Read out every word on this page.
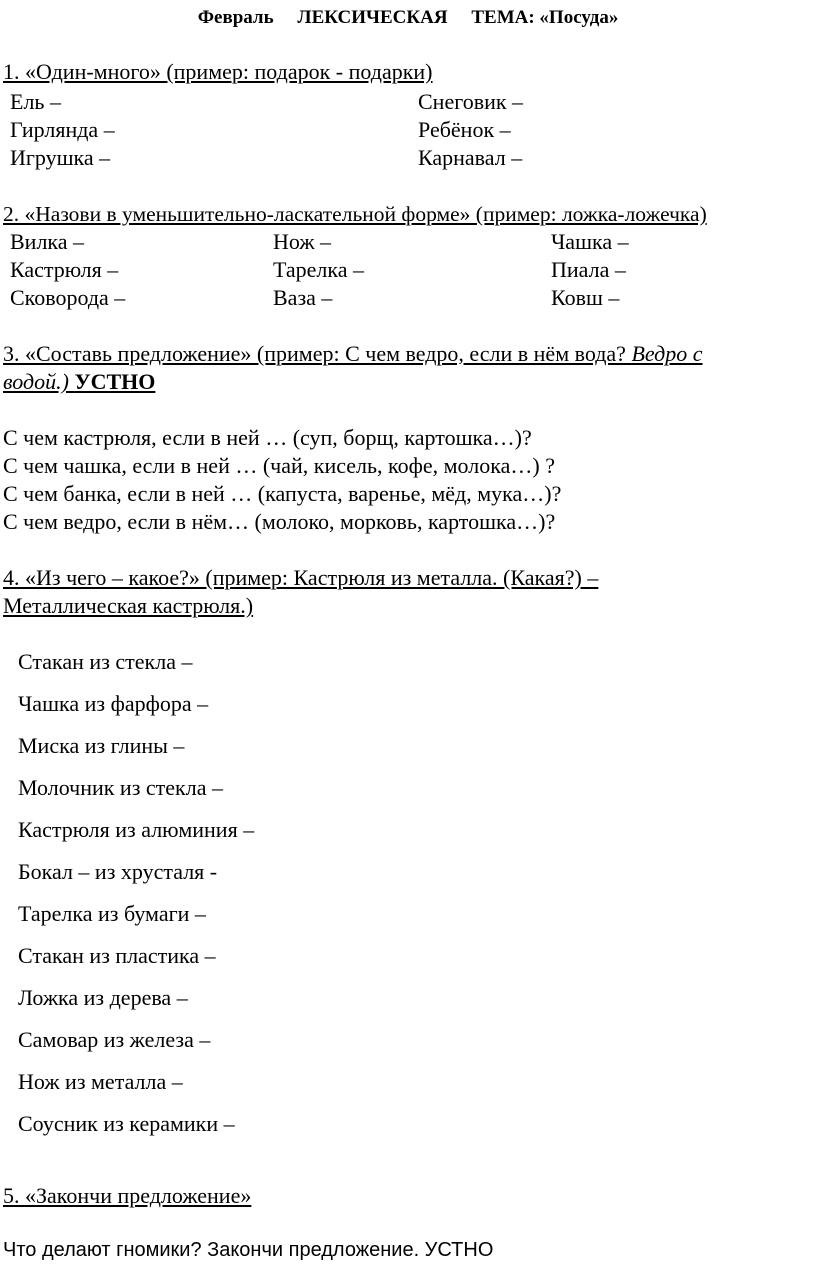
Февраль ЛЕКСИЧЕСКАЯ ТЕМА: «Посуда»
1. «Один-много» (пример: подарок - подарки)
Ель –
Гирлянда –
Игрушка –
Снеговик –
Ребёнок –
Карнавал –
2. «Назови в уменьшительно-ласкательной форме» (пример: ложка-ложечка)
Вилка –
Кастрюля –
Сковорода –
Нож –
Тарелка –
Ваза –
Чашка –
Пиала –
Ковш –
3. «Составь предложение» (пример: С чем ведро, если в нём вода? Ведро с
водой.) УСТНО
С чем кастрюля, если в ней … (суп, борщ, картошка…)?
С чем чашка, если в ней … (чай, кисель, кофе, молока…) ?
С чем банка, если в ней … (капуста, варенье, мёд, мука…)?
С чем ведро, если в нём… (молоко, морковь, картошка…)?
4. «Из чего – какое?» (пример: Кастрюля из металла. (Какая?) –
Металлическая кастрюля.)
Стакан из стекла –
Чашка из фарфора –
Миска из глины –
Молочник из стекла –
Кастрюля из алюминия –
Бокал – из хрусталя -
Тарелка из бумаги –
Стакан из пластика –
Ложка из дерева –
Самовар из железа –
Нож из металла –
Соусник из керамики –
5. «Закончи предложение»
Что делают гномики? Закончи предложение. УСТНО
